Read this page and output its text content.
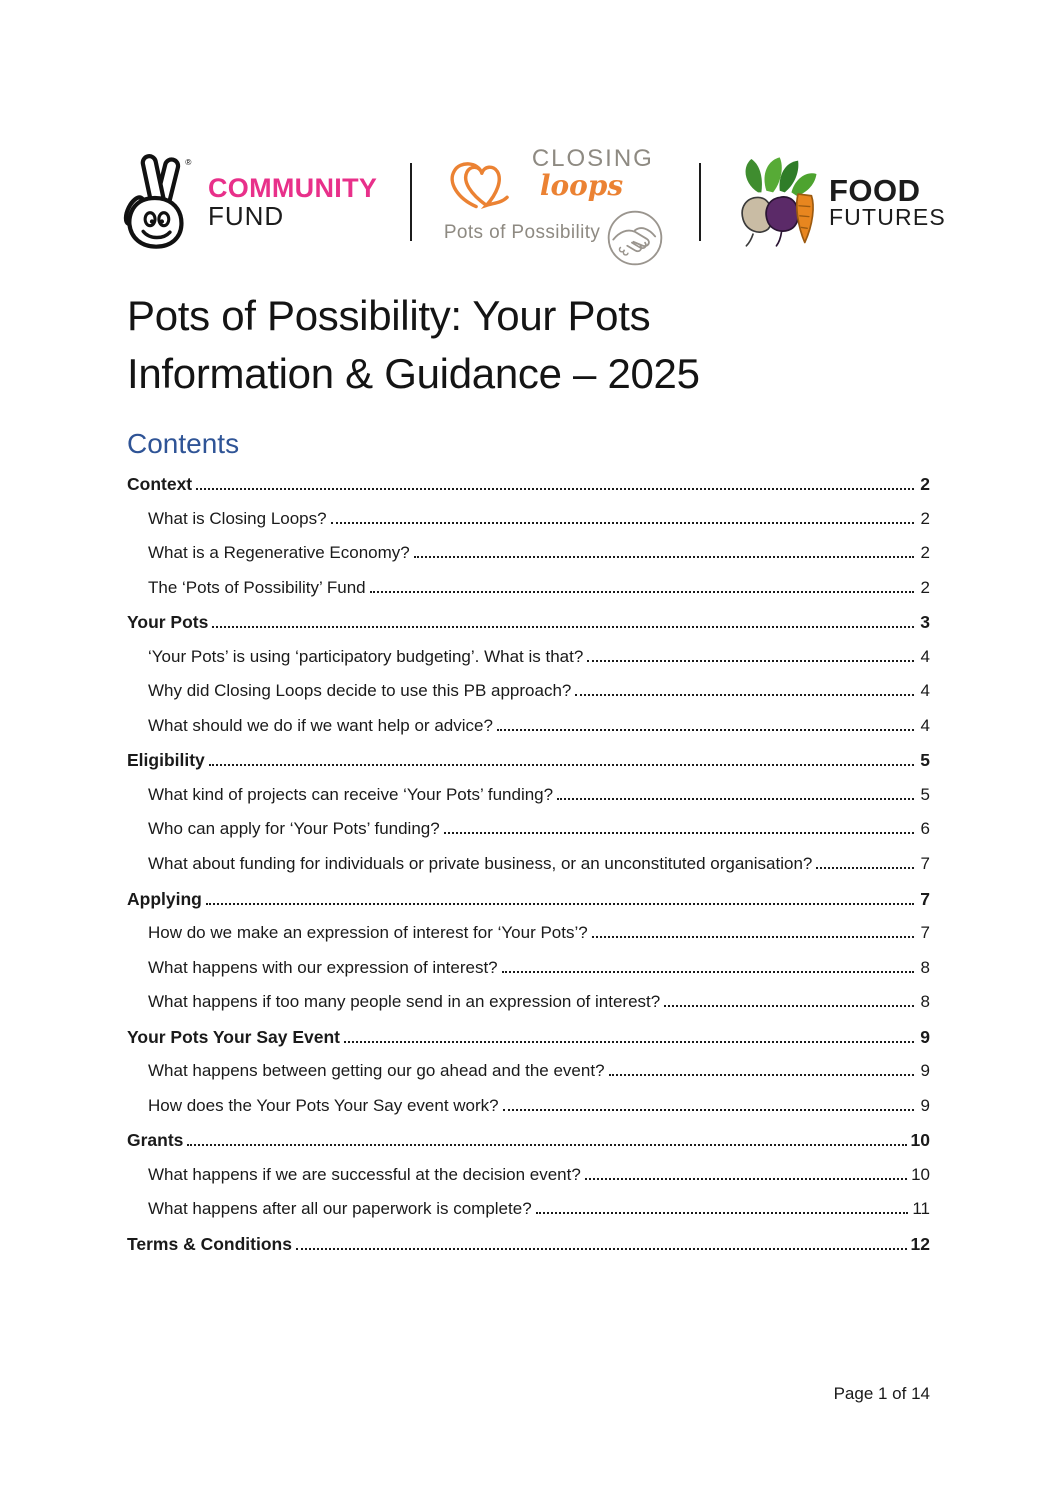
®
COMMUNITY
FUND
CLOSING
loops
Pots of Possibility
FOOD
FUTURES
Pots of Possibility: Your Pots
Information & Guidance – 2025
Contents
Context	2
What is Closing Loops?	2
What is a Regenerative Economy?	2
The ‘Pots of Possibility’ Fund	2
Your Pots	3
‘Your Pots’ is using ‘participatory budgeting’. What is that?	4
Why did Closing Loops decide to use this PB approach?	4
What should we do if we want help or advice?	4
Eligibility	5
What kind of projects can receive ‘Your Pots’ funding?	5
Who can apply for ‘Your Pots’ funding?	6
What about funding for individuals or private business, or an unconstituted organisation?	7
Applying	7
How do we make an expression of interest for ‘Your Pots’?	7
What happens with our expression of interest?	8
What happens if too many people send in an expression of interest?	8
Your Pots Your Say Event	9
What happens between getting our go ahead and the event?	9
How does the Your Pots Your Say event work?	9
Grants	10
What happens if we are successful at the decision event?	10
What happens after all our paperwork is complete?	11
Terms & Conditions	12
Page 1 of 14
